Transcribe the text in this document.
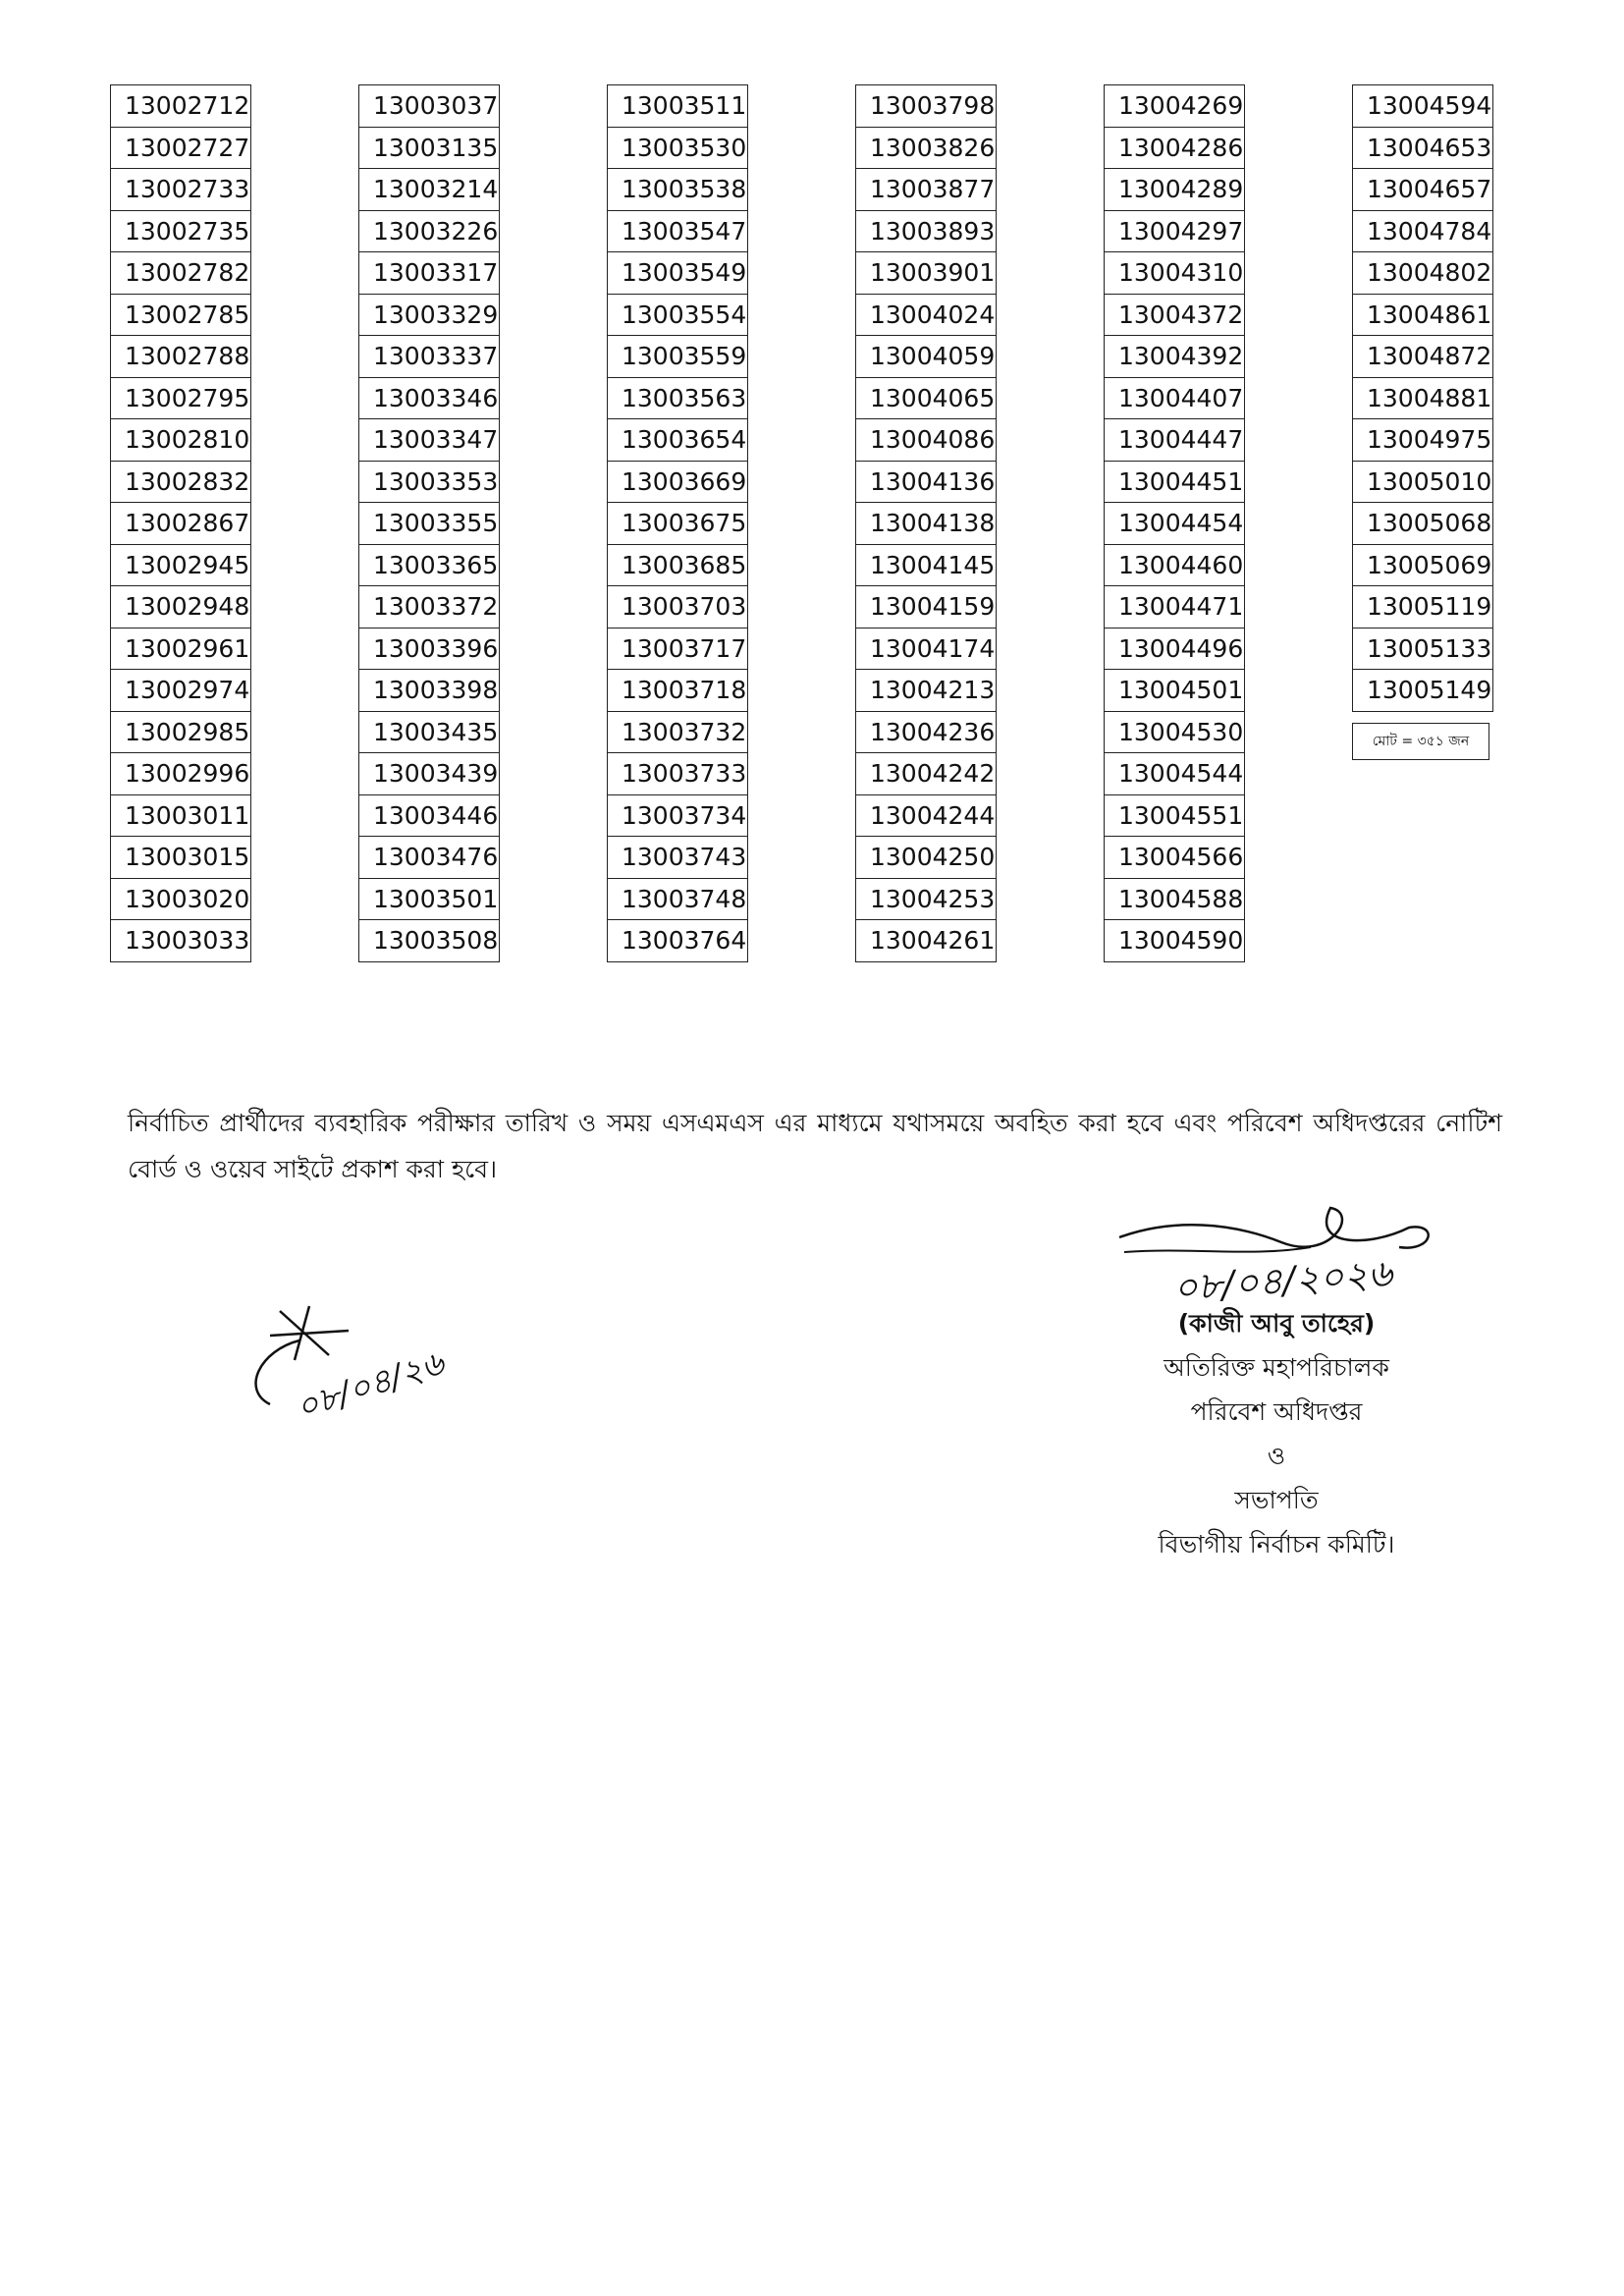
13002712
13002727
13002733
13002735
13002782
13002785
13002788
13002795
13002810
13002832
13002867
13002945
13002948
13002961
13002974
13002985
13002996
13003011
13003015
13003020
13003033
13003037
13003135
13003214
13003226
13003317
13003329
13003337
13003346
13003347
13003353
13003355
13003365
13003372
13003396
13003398
13003435
13003439
13003446
13003476
13003501
13003508
13003511
13003530
13003538
13003547
13003549
13003554
13003559
13003563
13003654
13003669
13003675
13003685
13003703
13003717
13003718
13003732
13003733
13003734
13003743
13003748
13003764
13003798
13003826
13003877
13003893
13003901
13004024
13004059
13004065
13004086
13004136
13004138
13004145
13004159
13004174
13004213
13004236
13004242
13004244
13004250
13004253
13004261
13004269
13004286
13004289
13004297
13004310
13004372
13004392
13004407
13004447
13004451
13004454
13004460
13004471
13004496
13004501
13004530
13004544
13004551
13004566
13004588
13004590
13004594
13004653
13004657
13004784
13004802
13004861
13004872
13004881
13004975
13005010
13005068
13005069
13005119
13005133
13005149
মোট = ৩৫১ জন
নির্বাচিত প্রার্থীদের ব্যবহারিক পরীক্ষার তারিখ ও সময় এসএমএস এর মাধ্যমে যথাসময়ে অবহিত করা হবে এবং পরিবেশ অধিদপ্তরের নোটিশ বোর্ড ও ওয়েব সাইটে প্রকাশ করা হবে।
০৮/০৪/২০২৬
(কাজী আবু তাহের)
অতিরিক্ত মহাপরিচালক
পরিবেশ অধিদপ্তর
ও
সভাপতি
বিভাগীয় নির্বাচন কমিটি।
০৮/০৪/২৬
